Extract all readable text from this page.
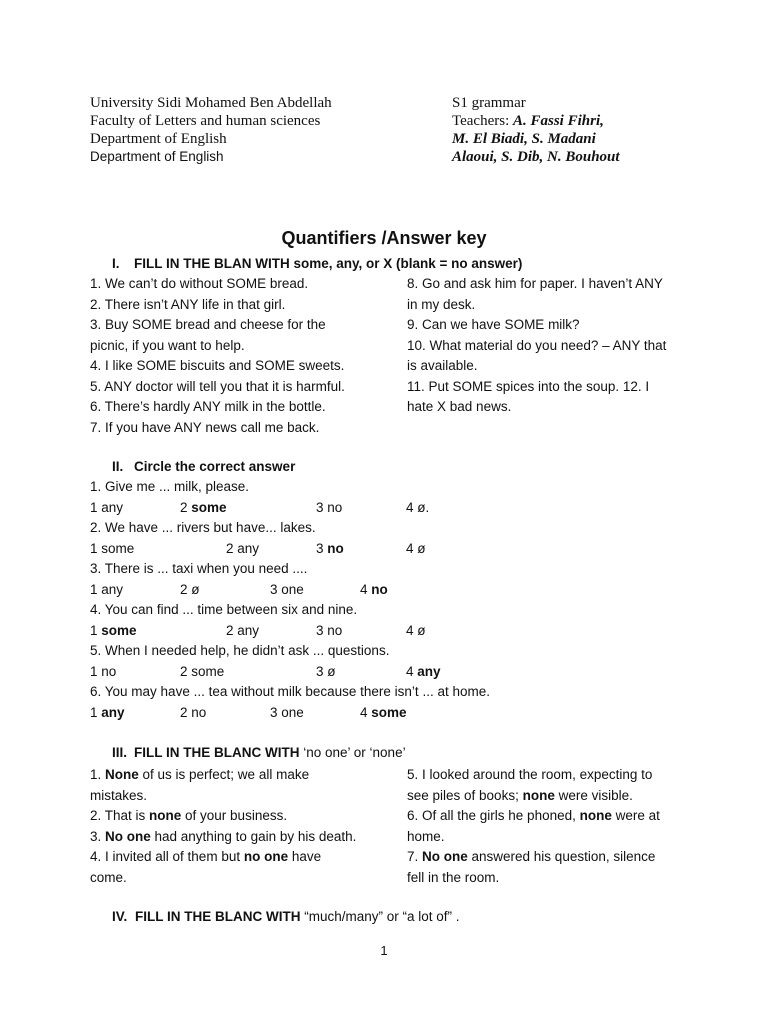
University Sidi Mohamed Ben Abdellah
Faculty of Letters and human sciences
Department of English
Department of English
S1 grammar
Teachers: A. Fassi Fihri,
M. El Biadi, S. Madani
Alaoui, S. Dib, N. Bouhout
Quantifiers /Answer key
I. FILL IN THE BLAN WITH some, any, or X (blank = no answer)
1. We can’t do without SOME bread.
2. There isn’t ANY life in that girl.
3. Buy SOME bread and cheese for the
picnic, if you want to help.
4. I like SOME biscuits and SOME sweets.
5. ANY doctor will tell you that it is harmful.
6. There’s hardly ANY milk in the bottle.
7. If you have ANY news call me back.
8. Go and ask him for paper. I haven’t ANY
in my desk.
9. Can we have SOME milk?
10. What material do you need? – ANY that
is available.
11. Put SOME spices into the soup. 12. I
hate X bad news.
II. Circle the correct answer
1. Give me ... milk, please.
1 any	2 some	3 no	4 ø.
2. We have ... rivers but have... lakes.
1 some	2 any	3 no	4 ø
3. There is ... taxi when you need ....
1 any	2 ø	3 one	4 no
4. You can find ... time between six and nine.
1 some	2 any	3 no	4 ø
5. When I needed help, he didn’t ask ... questions.
1 no	2 some	3 ø	4 any
6. You may have ... tea without milk because there isn’t ... at home.
1 any	2 no	3 one	4 some
III. FILL IN THE BLANC WITH ‘no one’ or ‘none’
1. None of us is perfect; we all make
mistakes.
2. That is none of your business.
3. No one had anything to gain by his death.
4. I invited all of them but no one have
come.
5. I looked around the room, expecting to
see piles of books; none were visible.
6. Of all the girls he phoned, none were at
home.
7. No one answered his question, silence
fell in the room.
IV. FILL IN THE BLANC WITH “much/many” or “a lot of” .
1
